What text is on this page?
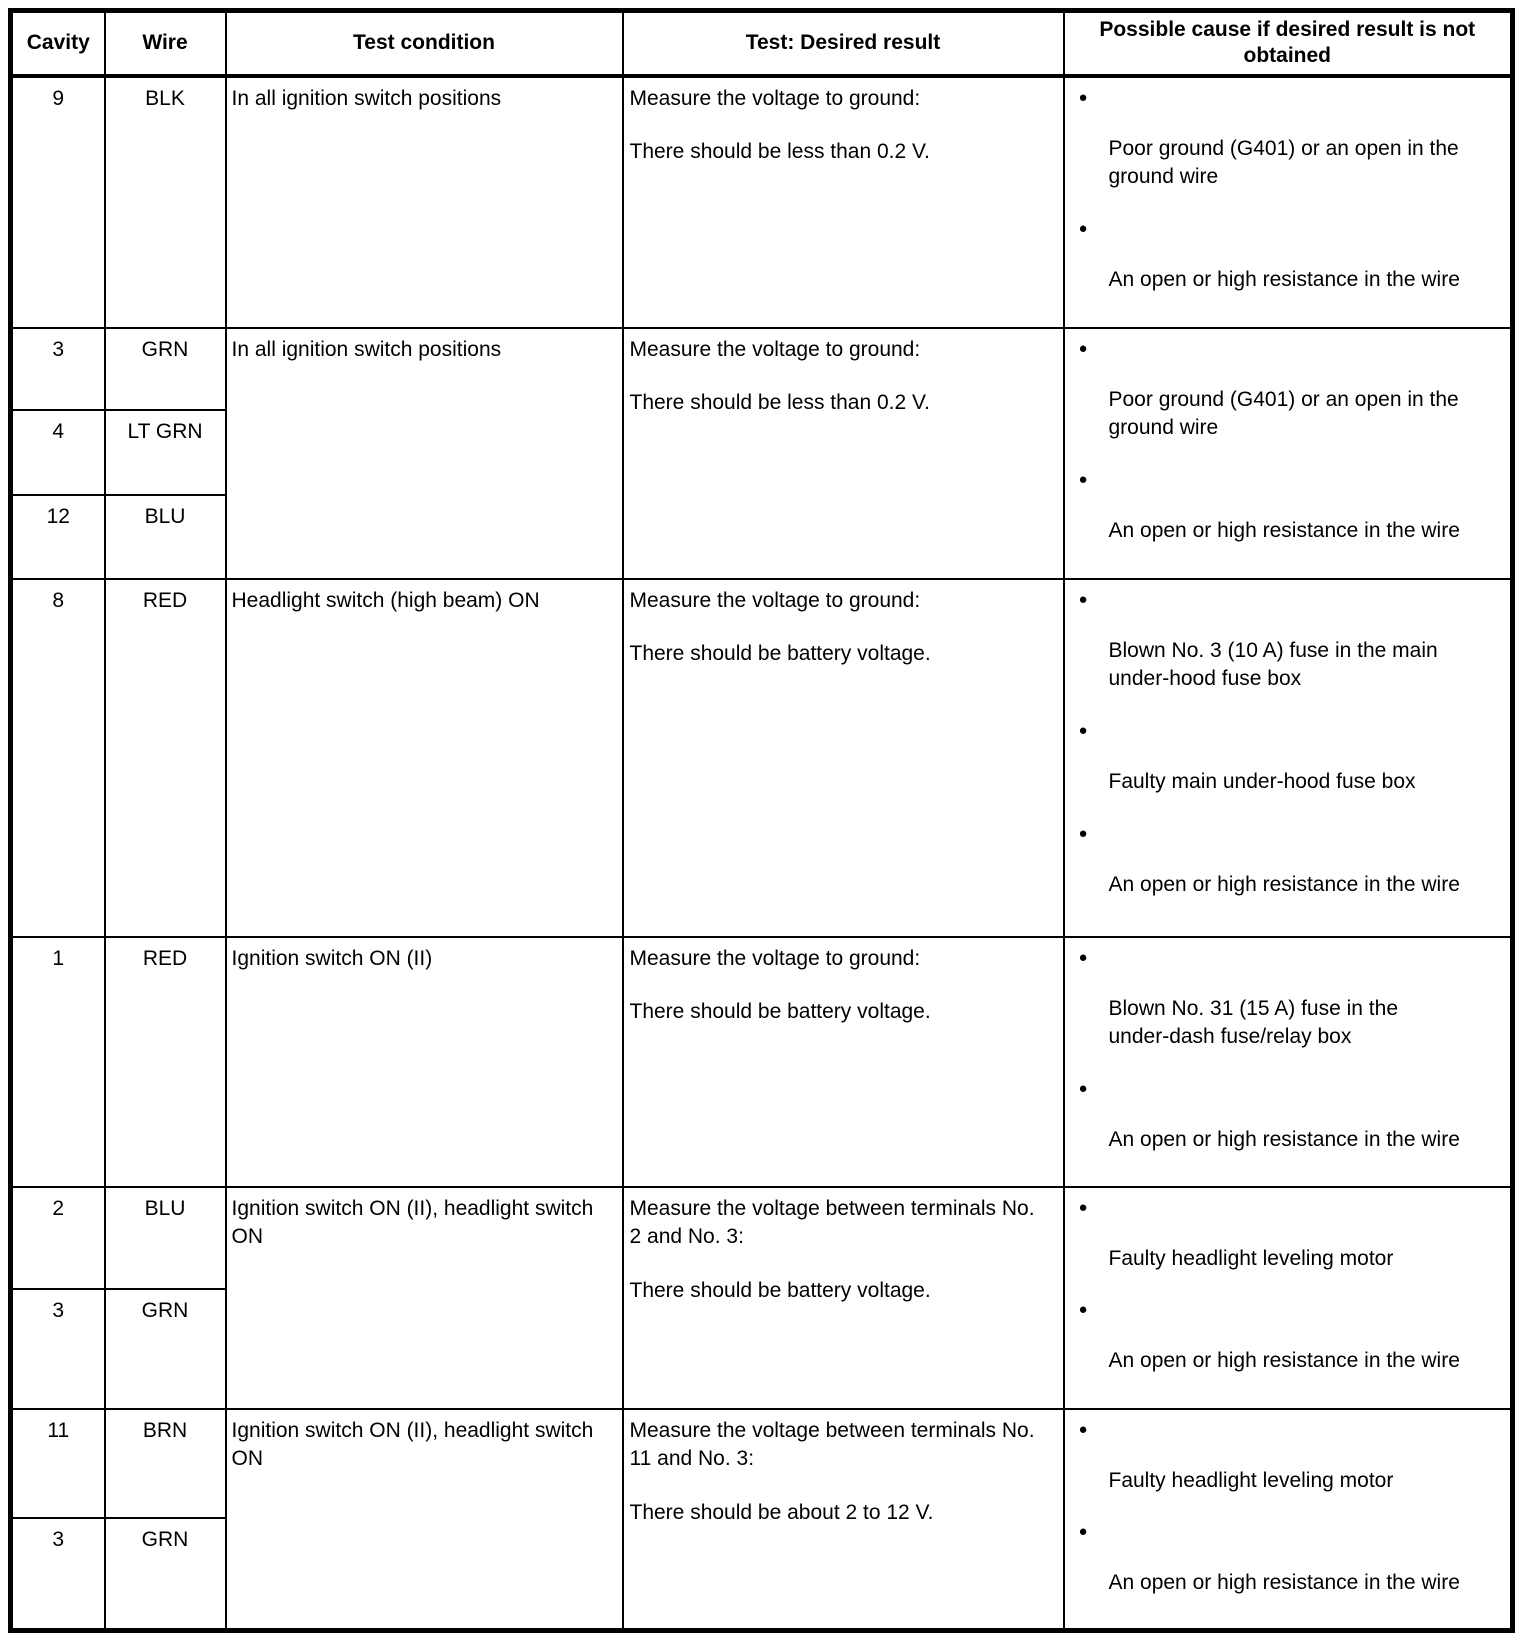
Cavity	Wire	Test condition	Test: Desired result	Possible cause if desired result is not obtained
9	BLK	In all ignition switch positions	Measure the voltage to ground:

There should be less than 0.2 V.

●
Poor ground (G401) or an open in the ground wire
●
An open or high resistance in the wire

3	GRN	In all ignition switch positions	Measure the voltage to ground:

There should be less than 0.2 V.

●
Poor ground (G401) or an open in the ground wire
●
An open or high resistance in the wire

4	LT GRN			
12	BLU			
8	RED	Headlight switch (high beam) ON	Measure the voltage to ground:

There should be battery voltage.

●
Blown No. 3 (10 A) fuse in the main under-hood fuse box
●
Faulty main under-hood fuse box
●
An open or high resistance in the wire

1	RED	Ignition switch ON (II)	Measure the voltage to ground:

There should be battery voltage.

●
Blown No. 31 (15 A) fuse in the under-dash fuse/relay box
●
An open or high resistance in the wire

2	BLU	Ignition switch ON (II), headlight switch ON	

Measure the voltage between terminals No. 2 and No. 3:

There should be battery voltage.

●
Faulty headlight leveling motor
●
An open or high resistance in the wire

3	GRN			
11	BRN	Ignition switch ON (II), headlight switch ON	

Measure the voltage between terminals No. 11 and No. 3:

There should be about 2 to 12 V.

●
Faulty headlight leveling motor
●
An open or high resistance in the wire

3	GRN			
